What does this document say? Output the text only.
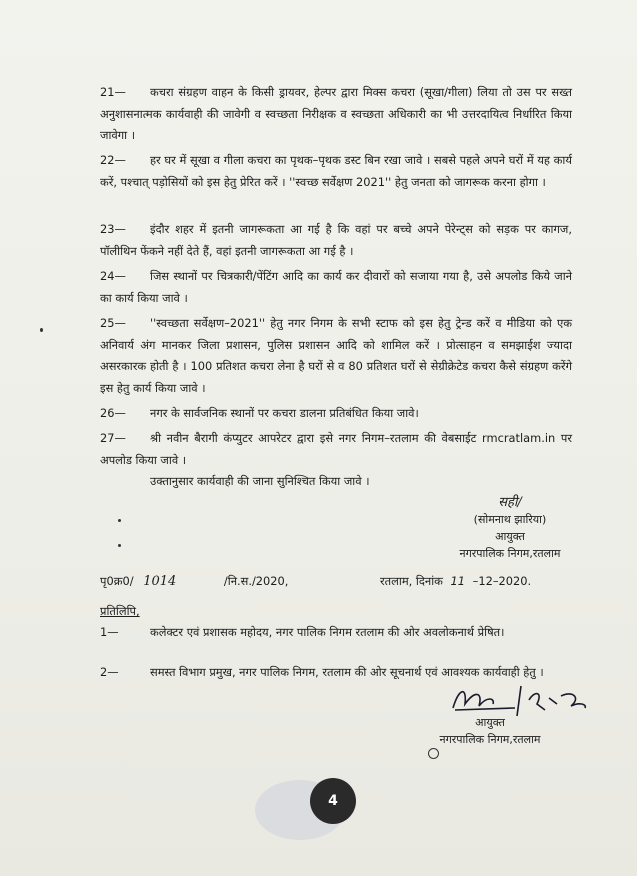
21— कचरा संग्रहण वाहन के किसी ड्रायवर, हेल्पर द्वारा मिक्स कचरा (सूखा/गीला) लिया तो उस पर सख्त अनुशासनात्मक कार्यवाही की जावेगी व स्वच्छता निरीक्षक व स्वच्छता अधिकारी का भी उत्तरदायित्व निर्धारित किया जावेगा ।
22— हर घर में सूखा व गीला कचरा का पृथक–पृथक डस्ट बिन रखा जावे । सबसे पहले अपने घरों में यह कार्य करें, पश्चात् पड़ोसियों को इस हेतु प्रेरित करें । ''स्वच्छ सर्वेक्षण 2021'' हेतु जनता को जागरूक करना होगा ।
23— इंदौर शहर में इतनी जागरूकता आ गई है कि वहां पर बच्चे अपने पेरेन्ट्स को सड़क पर कागज, पॉलीथिन फेंकने नहीं देते हैं, वहां इतनी जागरूकता आ गई है ।
24— जिस स्थानों पर चित्रकारी/पेंटिंग आदि का कार्य कर दीवारों को सजाया गया है, उसे अपलोड किये जाने का कार्य किया जावे ।
25— ''स्वच्छता सर्वेक्षण–2021'' हेतु नगर निगम के सभी स्टाफ को इस हेतु ट्रेन्ड करें व मीडिया को एक अनिवार्य अंग मानकर जिला प्रशासन, पुलिस प्रशासन आदि को शामिल करें । प्रोत्साहन व समझाईश ज्यादा असरकारक होती है । 100 प्रतिशत कचरा लेना है घरों से व 80 प्रतिशत घरों से सेग्रीक्रेटेड कचरा कैसे संग्रहण करेंगे इस हेतु कार्य किया जावे ।
26— नगर के सार्वजनिक स्थानों पर कचरा डालना प्रतिबंधित किया जावे।
27— श्री नवीन बैरागी कंप्युटर आपरेटर द्वारा इसे नगर निगम–रतलाम की वेबसाईट rmcratlam.in पर अपलोड किया जावे ।
उक्तानुसार कार्यवाही की जाना सुनिश्चित किया जावे ।
सही/
(सोमनाथ झारिया)
आयुक्त
नगरपालिक निगम,रतलाम
पृ0क्र0/ 1014	/नि.स./2020,	रतलाम, दिनांक 11 –12–2020.
प्रतिलिपि,
1—	कलेक्टर एवं प्रशासक महोदय, नगर पालिक निगम रतलाम की ओर अवलोकनार्थ प्रेषित।
2—	समस्त विभाग प्रमुख, नगर पालिक निगम, रतलाम की ओर सूचनार्थ एवं आवश्यक कार्यवाही हेतु ।
आयुक्त
नगरपालिक निगम,रतलाम
4
